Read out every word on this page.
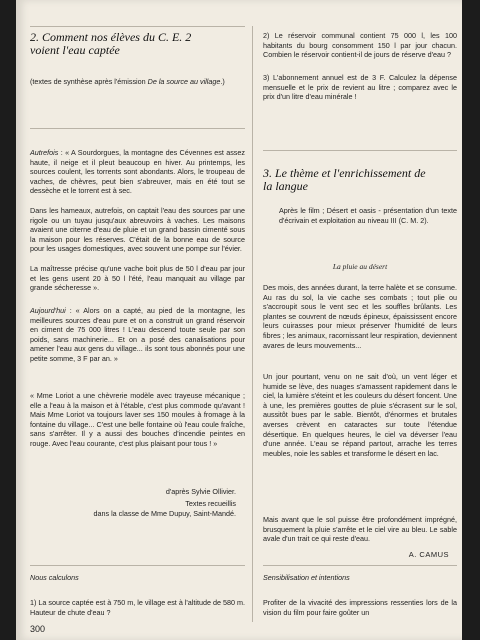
2. Comment nos élèves du C. E. 2
voient l'eau captée

(textes de synthèse après l'émission De la source au village.)

Autrefois : « A Sourdorgues, la montagne des Cévennes est assez haute, il neige et il pleut beaucoup en hiver. Au printemps, les sources coulent, les torrents sont abondants. Alors, le troupeau de vaches, de chèvres, peut bien s'abreuver, mais en été tout se dessèche et le torrent est à sec.

Dans les hameaux, autrefois, on captait l'eau des sources par une rigole ou un tuyau jusqu'aux abreuvoirs à vaches. Les maisons avaient une citerne d'eau de pluie et un grand bassin cimenté sous la maison pour les réserves. C'était de la bonne eau de source pour les usages domestiques, avec souvent une pompe sur l'évier.

La maîtresse précise qu'une vache boit plus de 50 l d'eau par jour et les gens usent 20 à 50 l l'été, l'eau manquait au village par grande sécheresse ».

Aujourd'hui : « Alors on a capté, au pied de la montagne, les meilleures sources d'eau pure et on a construit un grand réservoir en ciment de 75 000 litres ! L'eau descend toute seule par son poids, sans machinerie... Et on a posé des canalisations pour amener l'eau aux gens du village... ils sont tous abonnés pour une petite somme, 3 F par an. »

« Mme Loriot a une chèvrerie modèle avec trayeuse mécanique ; elle a l'eau à la maison et à l'étable, c'est plus commode qu'avant ! Mais Mme Loriot va toujours laver ses 150 moules à fromage à la fontaine du village... C'est une belle fontaine où l'eau coule fraîche, sans s'arrêter. Il y a aussi des bouches d'incendie peintes en rouge. Avec l'eau courante, c'est plus plaisant pour tous ! »

d'après Sylvie Ollivier.

Textes recueillis

dans la classe de Mme Dupuy, Saint-Mandé.

Nous calculons

1) La source captée est à 750 m, le village est à l'altitude de 580 m. Hauteur de chute d'eau ?

300

2) Le réservoir communal contient 75 000 l, les 100 habitants du bourg consomment 150 l par jour chacun. Combien le réservoir contient-il de jours de réserve d'eau ?

3) L'abonnement annuel est de 3 F. Calculez la dépense mensuelle et le prix de revient au litre ; comparez avec le prix d'un litre d'eau minérale !

3. Le thème et l'enrichissement de
la langue

Après le film ; Désert et oasis - présentation d'un texte d'écrivain et exploitation au niveau III (C. M. 2).

La pluie au désert

Des mois, des années durant, la terre halète et se consume. Au ras du sol, la vie cache ses combats ; tout plie ou s'accroupit sous le vent sec et les souffles brûlants. Les plantes se couvrent de nœuds épineux, épaississent encore leurs cuirasses pour mieux préserver l'humidité de leurs fibres ; les animaux, racornissant leur respiration, deviennent avares de leurs mouvements...

Un jour pourtant, venu on ne sait d'où, un vent léger et humide se lève, des nuages s'amassent rapidement dans le ciel, la lumière s'éteint et les couleurs du désert foncent. Une à une, les premières gouttes de pluie s'écrasent sur le sol, aussitôt bues par le sable. Bientôt, d'énormes et brutales averses crèvent en cataractes sur toute l'étendue désertique. En quelques heures, le ciel va déverser l'eau d'une année. L'eau se répand partout, arrache les terres meubles, noie les sables et transforme le désert en lac.

Mais avant que le sol puisse être profondément imprégné, brusquement la pluie s'arrête et le ciel vire au bleu. Le sable avale d'un trait ce qui reste d'eau.

A. CAMUS

Sensibilisation et intentions

Profiter de la vivacité des impressions ressenties lors de la vision du film pour faire goûter un
